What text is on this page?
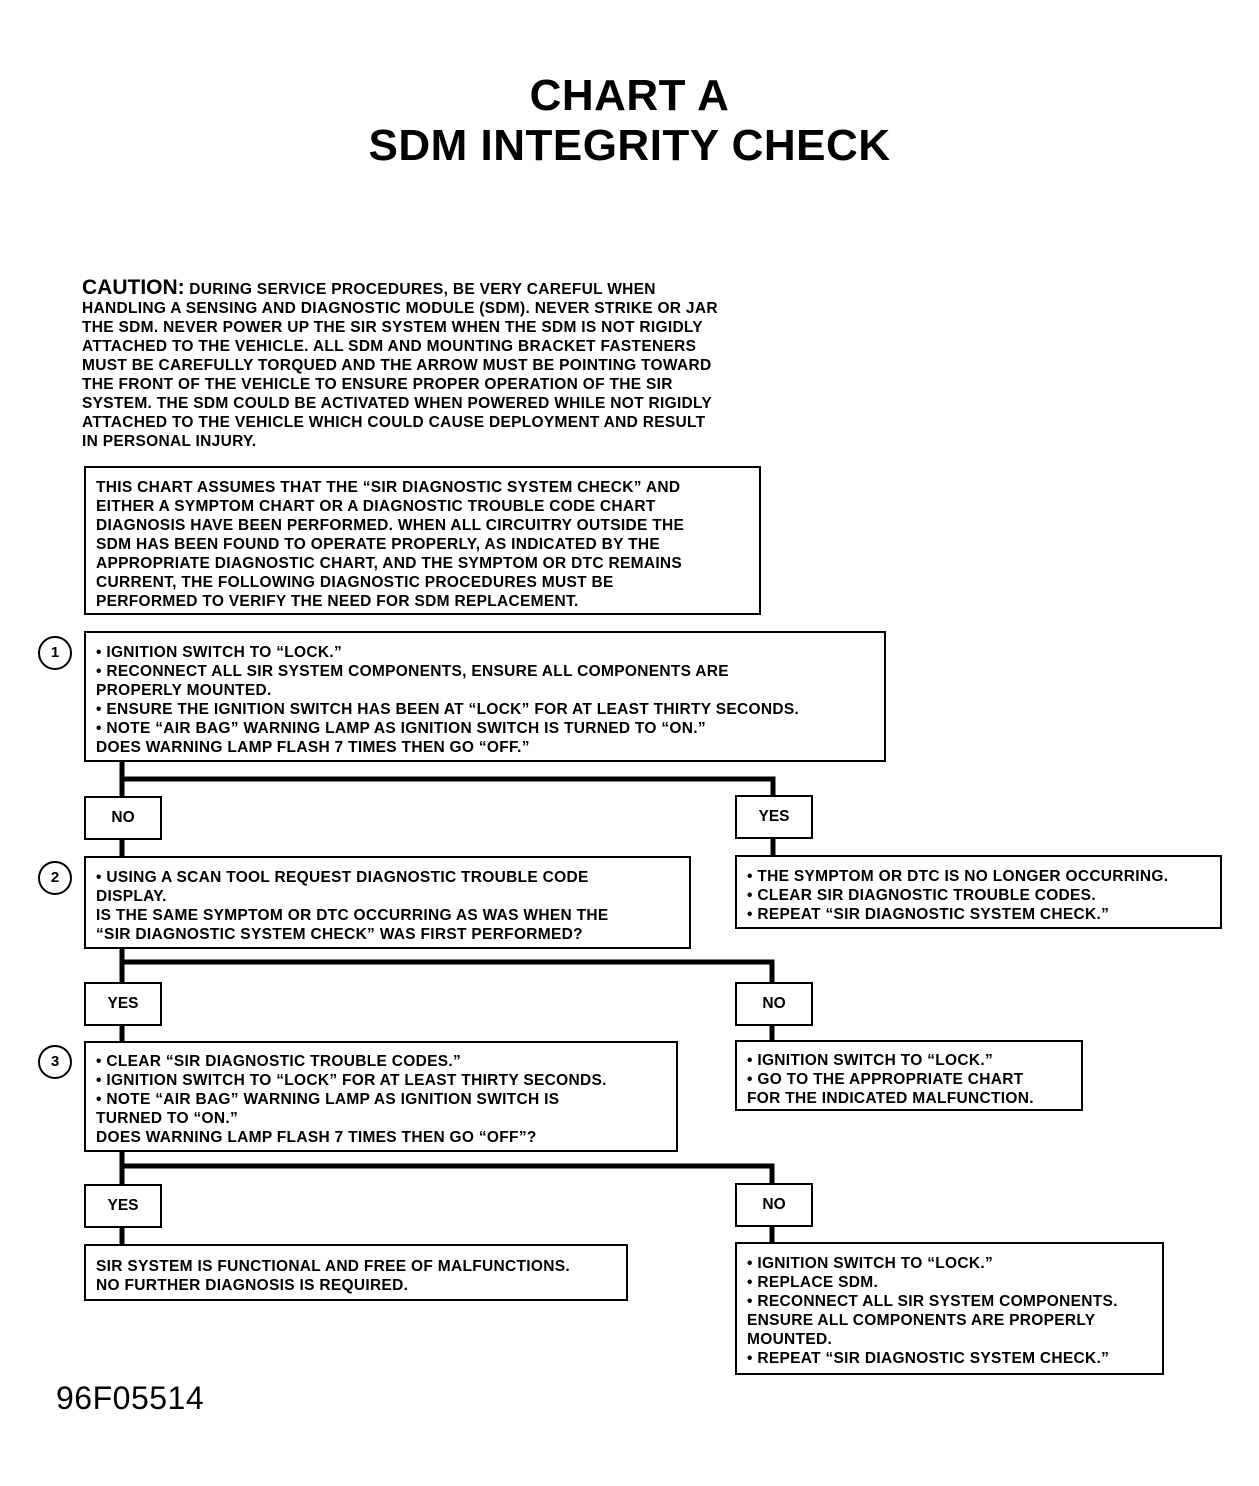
CHART A
SDM INTEGRITY CHECK
CAUTION: DURING SERVICE PROCEDURES, BE VERY CAREFUL WHEN
HANDLING A SENSING AND DIAGNOSTIC MODULE (SDM). NEVER STRIKE OR JAR
THE SDM. NEVER POWER UP THE SIR SYSTEM WHEN THE SDM IS NOT RIGIDLY
ATTACHED TO THE VEHICLE. ALL SDM AND MOUNTING BRACKET FASTENERS
MUST BE CAREFULLY TORQUED AND THE ARROW MUST BE POINTING TOWARD
THE FRONT OF THE VEHICLE TO ENSURE PROPER OPERATION OF THE SIR
SYSTEM. THE SDM COULD BE ACTIVATED WHEN POWERED WHILE NOT RIGIDLY
ATTACHED TO THE VEHICLE WHICH COULD CAUSE DEPLOYMENT AND RESULT
IN PERSONAL INJURY.
THIS CHART ASSUMES THAT THE “SIR DIAGNOSTIC SYSTEM CHECK” AND
EITHER A SYMPTOM CHART OR A DIAGNOSTIC TROUBLE CODE CHART
DIAGNOSIS HAVE BEEN PERFORMED. WHEN ALL CIRCUITRY OUTSIDE THE
SDM HAS BEEN FOUND TO OPERATE PROPERLY, AS INDICATED BY THE
APPROPRIATE DIAGNOSTIC CHART, AND THE SYMPTOM OR DTC REMAINS
CURRENT, THE FOLLOWING DIAGNOSTIC PROCEDURES MUST BE
PERFORMED TO VERIFY THE NEED FOR SDM REPLACEMENT.
1	• IGNITION SWITCH TO “LOCK.”
• RECONNECT ALL SIR SYSTEM COMPONENTS, ENSURE ALL COMPONENTS ARE
PROPERLY MOUNTED.
• ENSURE THE IGNITION SWITCH HAS BEEN AT “LOCK” FOR AT LEAST THIRTY SECONDS.
• NOTE “AIR BAG” WARNING LAMP AS IGNITION SWITCH IS TURNED TO “ON.”
DOES WARNING LAMP FLASH 7 TIMES THEN GO “OFF.”
NO	YES
• THE SYMPTOM OR DTC IS NO LONGER OCCURRING.
• CLEAR SIR DIAGNOSTIC TROUBLE CODES.
• REPEAT “SIR DIAGNOSTIC SYSTEM CHECK.”
2	• USING A SCAN TOOL REQUEST DIAGNOSTIC TROUBLE CODE
DISPLAY.
IS THE SAME SYMPTOM OR DTC OCCURRING AS WAS WHEN THE
“SIR DIAGNOSTIC SYSTEM CHECK” WAS FIRST PERFORMED?
YES	NO
• IGNITION SWITCH TO “LOCK.”
• GO TO THE APPROPRIATE CHART
FOR THE INDICATED MALFUNCTION.
3	• CLEAR “SIR DIAGNOSTIC TROUBLE CODES.”
• IGNITION SWITCH TO “LOCK” FOR AT LEAST THIRTY SECONDS.
• NOTE “AIR BAG” WARNING LAMP AS IGNITION SWITCH IS
TURNED TO “ON.”
DOES WARNING LAMP FLASH 7 TIMES THEN GO “OFF”?
YES	NO
SIR SYSTEM IS FUNCTIONAL AND FREE OF MALFUNCTIONS.
NO FURTHER DIAGNOSIS IS REQUIRED.
• IGNITION SWITCH TO “LOCK.”
• REPLACE SDM.
• RECONNECT ALL SIR SYSTEM COMPONENTS.
ENSURE ALL COMPONENTS ARE PROPERLY
MOUNTED.
• REPEAT “SIR DIAGNOSTIC SYSTEM CHECK.”
96F05514
